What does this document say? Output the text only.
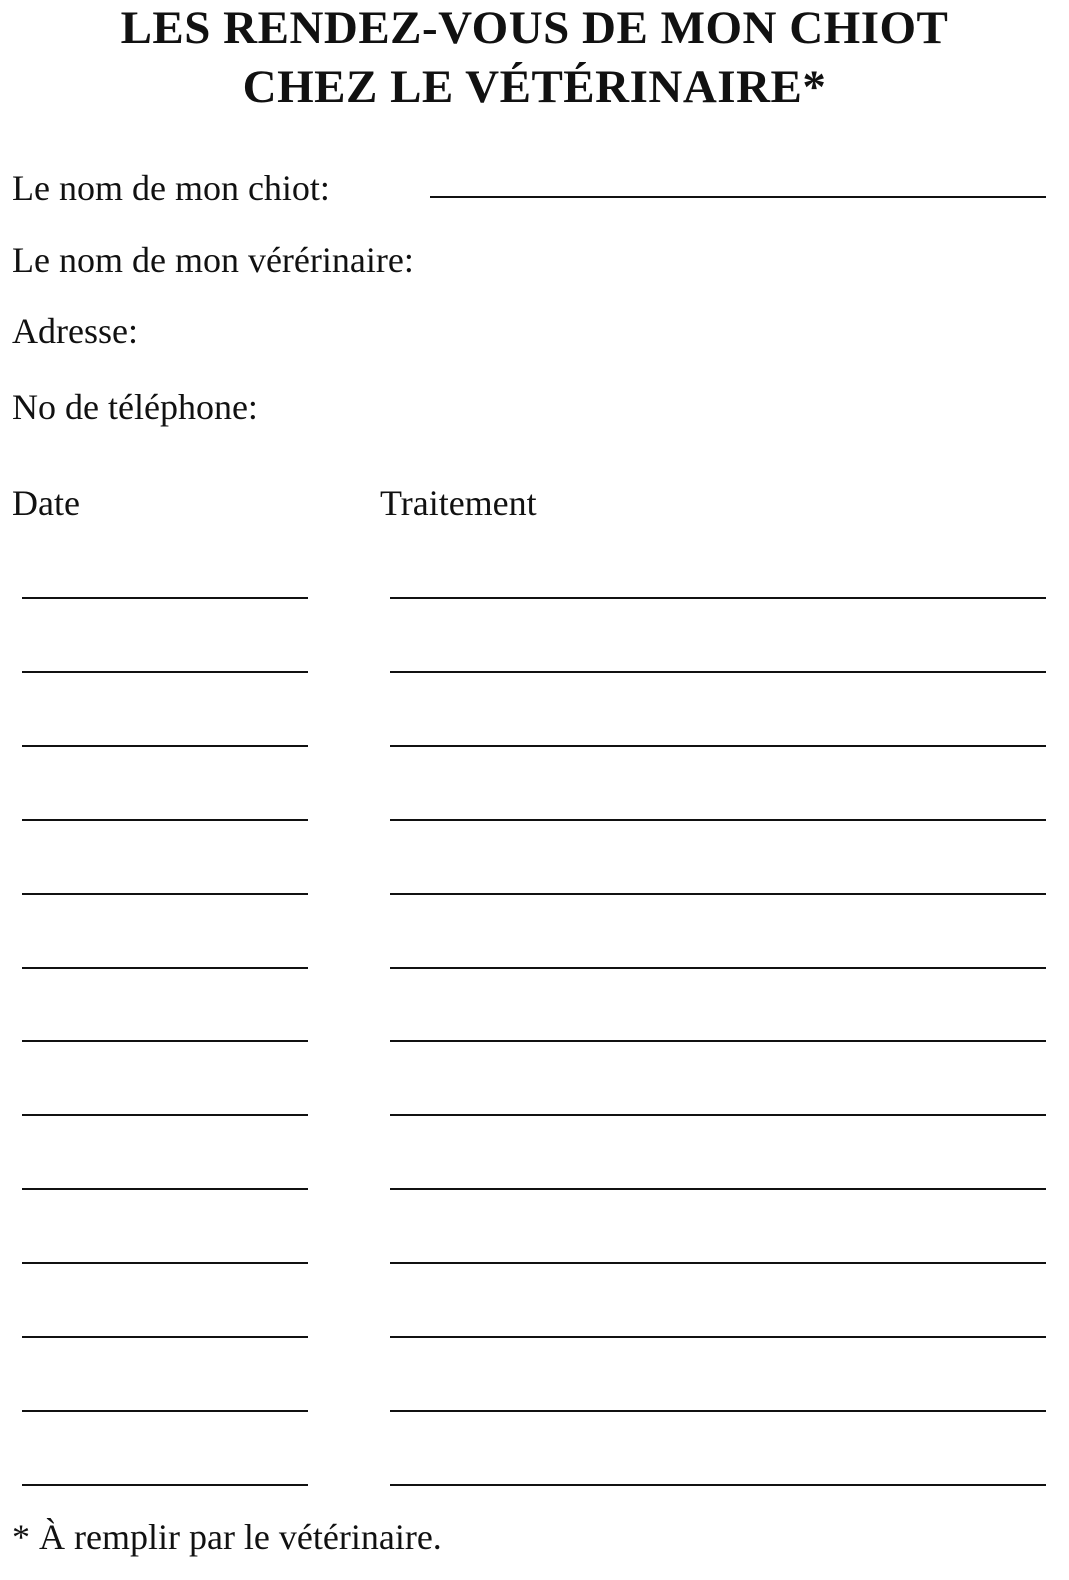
LES RENDEZ-VOUS DE MON CHIOT
CHEZ LE VÉTÉRINAIRE*
Le nom de mon chiot:
Le nom de mon vérérinaire:
Adresse:
No de téléphone:
Date	Traitement
* À remplir par le vétérinaire.
